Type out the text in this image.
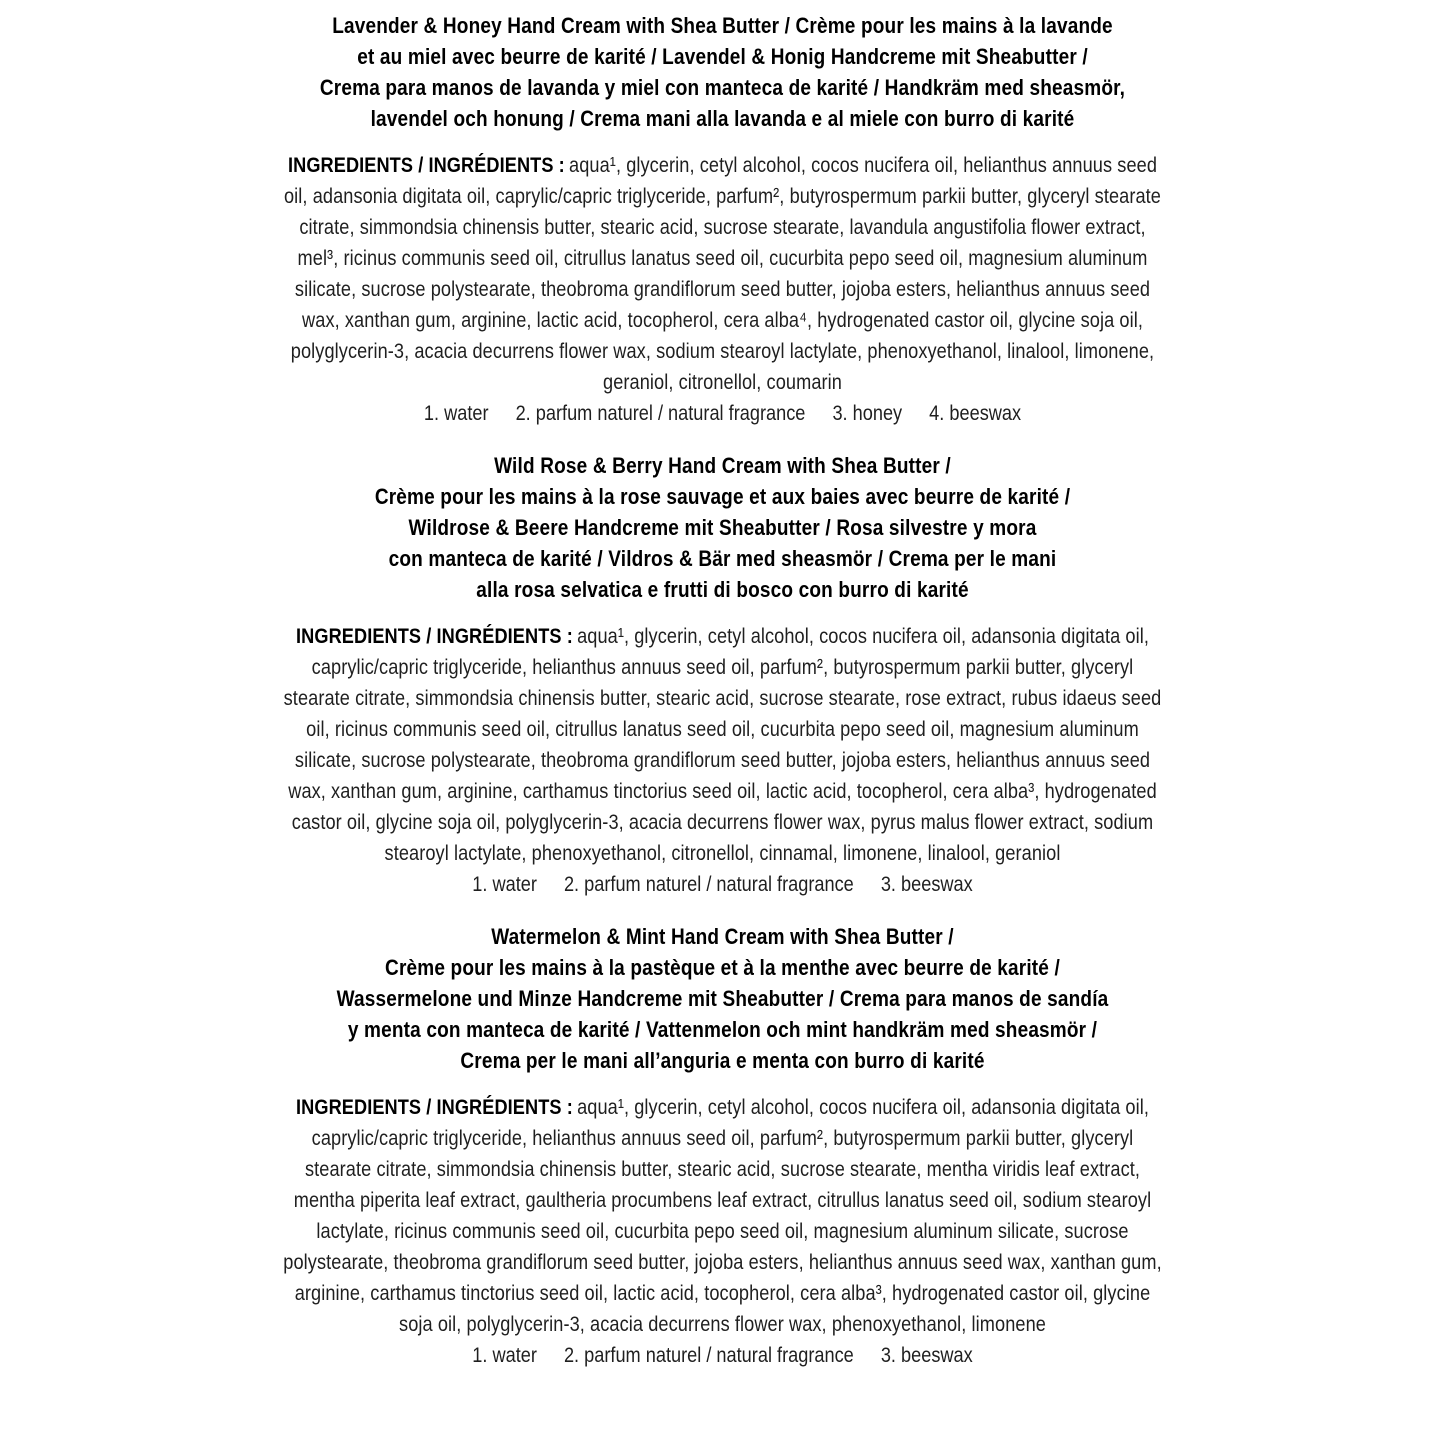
Lavender & Honey Hand Cream with Shea Butter / Crème pour les mains à la lavande
et au miel avec beurre de karité / Lavendel & Honig Handcreme mit Sheabutter /
Crema para manos de lavanda y miel con manteca de karité / Handkräm med sheasmör,
lavendel och honung / Crema mani alla lavanda e al miele con burro di karité

INGREDIENTS / INGRÉDIENTS : aqua¹, glycerin, cetyl alcohol, cocos nucifera oil, helianthus annuus seed oil, adansonia digitata oil, caprylic/capric triglyceride, parfum², butyrospermum parkii butter, glyceryl stearate citrate, simmondsia chinensis butter, stearic acid, sucrose stearate, lavandula angustifolia flower extract, mel³, ricinus communis seed oil, citrullus lanatus seed oil, cucurbita pepo seed oil, magnesium aluminum silicate, sucrose polystearate, theobroma grandiflorum seed butter, jojoba esters, helianthus annuus seed wax, xanthan gum, arginine, lactic acid, tocopherol, cera alba⁴, hydrogenated castor oil, glycine soja oil, polyglycerin-3, acacia decurrens flower wax, sodium stearoyl lactylate, phenoxyethanol, linalool, limonene, geraniol, citronellol, coumarin

1. water 2. parfum naturel / natural fragrance 3. honey 4. beeswax
Wild Rose & Berry Hand Cream with Shea Butter /
Crème pour les mains à la rose sauvage et aux baies avec beurre de karité /
Wildrose & Beere Handcreme mit Sheabutter / Rosa silvestre y mora
con manteca de karité / Vildros & Bär med sheasmör / Crema per le mani
alla rosa selvatica e frutti di bosco con burro di karité

INGREDIENTS / INGRÉDIENTS : aqua¹, glycerin, cetyl alcohol, cocos nucifera oil, adansonia digitata oil, caprylic/capric triglyceride, helianthus annuus seed oil, parfum², butyrospermum parkii butter, glyceryl stearate citrate, simmondsia chinensis butter, stearic acid, sucrose stearate, rose extract, rubus idaeus seed oil, ricinus communis seed oil, citrullus lanatus seed oil, cucurbita pepo seed oil, magnesium aluminum silicate, sucrose polystearate, theobroma grandiflorum seed butter, jojoba esters, helianthus annuus seed wax, xanthan gum, arginine, carthamus tinctorius seed oil, lactic acid, tocopherol, cera alba³, hydrogenated castor oil, glycine soja oil, polyglycerin-3, acacia decurrens flower wax, pyrus malus flower extract, sodium stearoyl lactylate, phenoxyethanol, citronellol, cinnamal, limonene, linalool, geraniol

1. water 2. parfum naturel / natural fragrance 3. beeswax
Watermelon & Mint Hand Cream with Shea Butter /
Crème pour les mains à la pastèque et à la menthe avec beurre de karité /
Wassermelone und Minze Handcreme mit Sheabutter / Crema para manos de sandía
y menta con manteca de karité / Vattenmelon och mint handkräm med sheasmör /
Crema per le mani all’anguria e menta con burro di karité

INGREDIENTS / INGRÉDIENTS : aqua¹, glycerin, cetyl alcohol, cocos nucifera oil, adansonia digitata oil, caprylic/capric triglyceride, helianthus annuus seed oil, parfum², butyrospermum parkii butter, glyceryl stearate citrate, simmondsia chinensis butter, stearic acid, sucrose stearate, mentha viridis leaf extract, mentha piperita leaf extract, gaultheria procumbens leaf extract, citrullus lanatus seed oil, sodium stearoyl lactylate, ricinus communis seed oil, cucurbita pepo seed oil, magnesium aluminum silicate, sucrose polystearate, theobroma grandiflorum seed butter, jojoba esters, helianthus annuus seed wax, xanthan gum, arginine, carthamus tinctorius seed oil, lactic acid, tocopherol, cera alba³, hydrogenated castor oil, glycine soja oil, polyglycerin-3, acacia decurrens flower wax, phenoxyethanol, limonene

1. water 2. parfum naturel / natural fragrance 3. beeswax
